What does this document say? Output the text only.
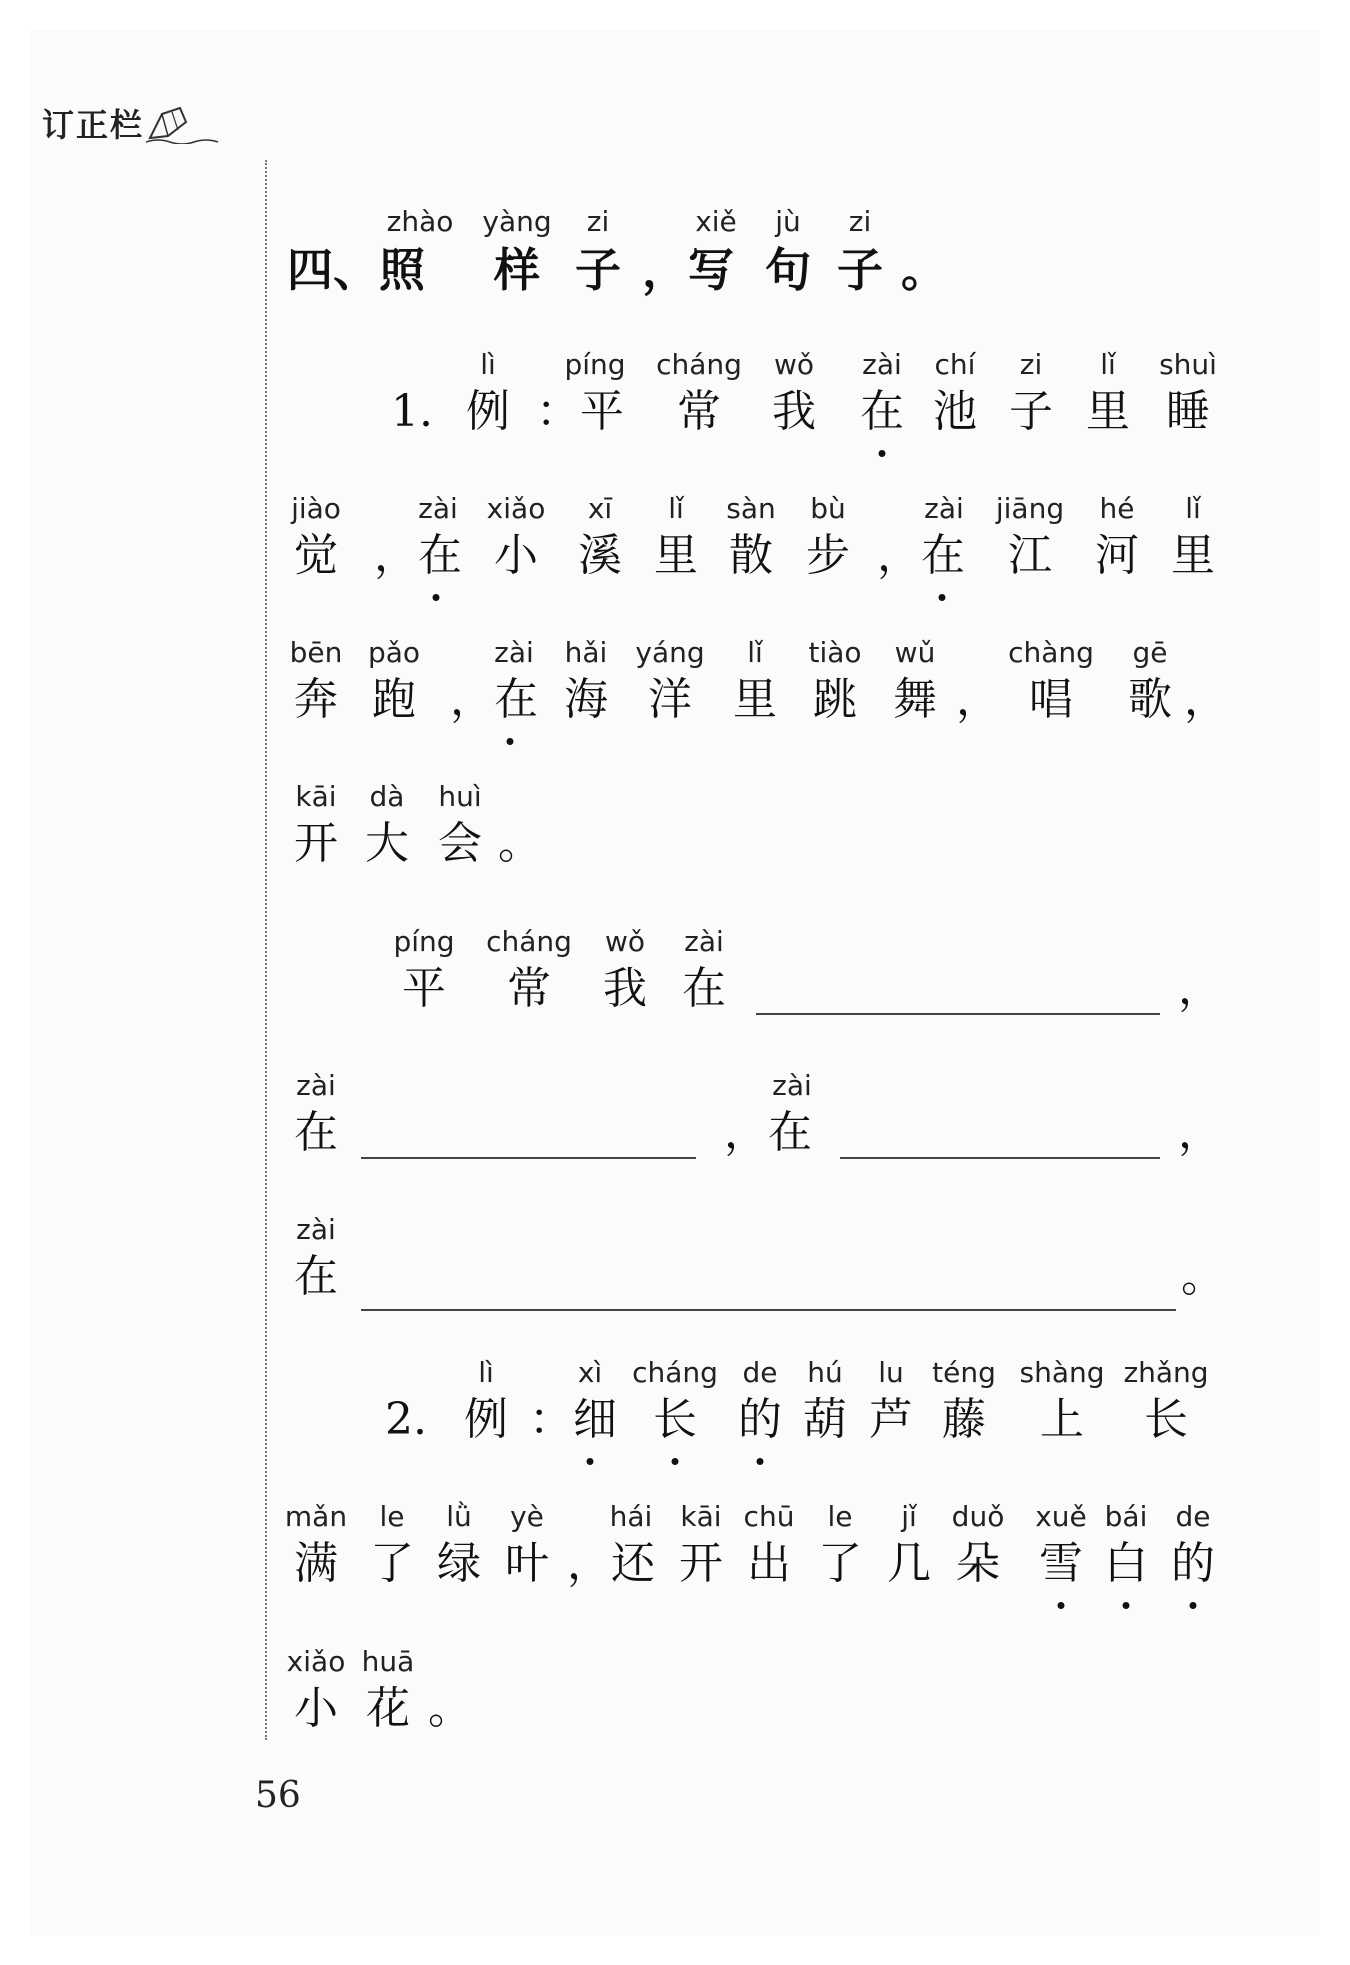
订正栏
zhào yàng zi	xiě jù zi
四、照 样 子 ，写 句 子 。
lì píng cháng wǒ zài chí zi lǐ shuì
1. 例 ：平 常 我 在 池 子 里 睡
jiào	zài xiǎo xī lǐ sàn bù	zài jiāng hé lǐ
觉 ，在 小 溪 里 散 步 ，在 江 河 里
bēn pǎo	zài hǎi yáng lǐ tiào wǔ	chàng gē
奔 跑 ，在 海 洋 里 跳 舞 ， 唱 歌 ，
kāi dà huì
开 大 会 。
píng cháng wǒ zài
平 常 我 在	，
zài	zài
在	，在	，
zài
在	。
lì	xì cháng de hú lu téng shàng zhǎng
2. 例 ：细 长 的 葫 芦 藤 上 长
mǎn le lǜ yè hái kāi chū le jǐ duǒ xuě bái de
满 了 绿 叶 ，还 开 出 了 几 朵 雪 白 的
xiǎo huā
小 花 。
56
